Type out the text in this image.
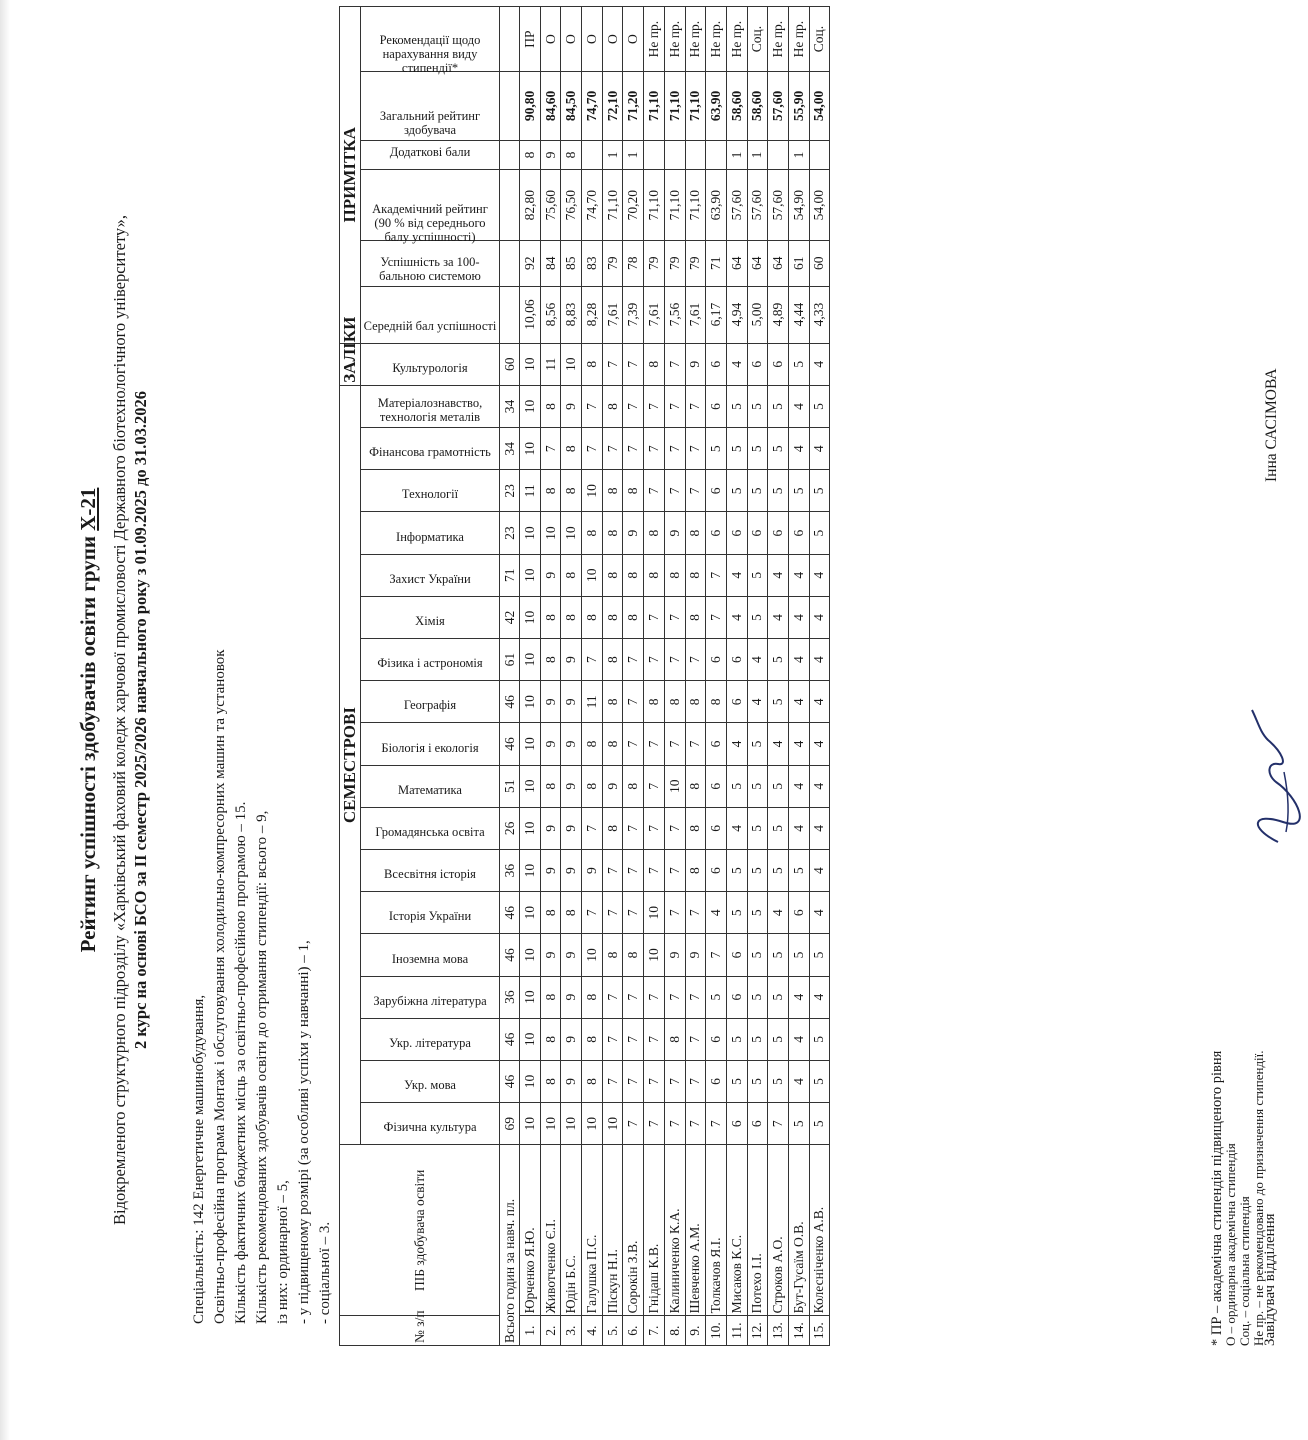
Рейтинг успішності здобувачів освіти групи Х-21 Відокремленого структурного підрозділу «Харківський фаховий коледж харчової промисловості Державного біотехнологічного університету», 2 курс на основі БСО за ІІ семестр 2025/2026 навчального року з 01.09.2025 до 31.03.2026
Спеціальність: 142 Енергетичне машинобудування, Освітньо-професійна програма Монтаж і обслуговування холодильно-компресорних машин та установок Кількість фактичних бюджетних місць за освітньо-професійною програмою – 15. Кількість рекомендованих здобувачів освіти до отримання стипендії: всього – 9, із них: ординарної – 5, - у підвищеному розмірі (за особливі успіхи у навчанні) – 1, - соціальної – 3.
№ з/п	ПІБ здобувача освіти	СЕМЕСТРОВІ																		ЗАЛІКИ	ПРИМІТКА					

		Фізична культура	Укр. мова	Укр. література	Зарубіжна література	Іноземна мова	Історія України	Всесвітня історія	Громадянська освіта	Математика	Біологія і екологія	Географія	Фізика і астрономія	Хімія	Захист України	Інформатика	Технології	Фінансова грамотність	Матеріалознавство, технологія металів	Культурологія	Середній бал успішності	Успішність за 100-бальною системою	Академічний рейтинг (90 % від середнього балу успішності)	Додаткові бали	Загальний рейтинг здобувача	Рекомендації щодо нарахування виду стипендії*

Всього годин за навч. пл.		69	46	46	36	46	46	36	26	51	46	46	61	42	71	23	23	34	34	60						
1.	Юрченко Я.Ю.	10	10	10	10	10	10	10	10	10	10	10	10	10	10	10	11	10	10	10	10,06	92	82,80	8	90,80	ПР
2.	Животченко Є.І.	10	8	8	8	9	8	9	9	8	9	9	8	8	9	10	8	7	8	11	8,56	84	75,60	9	84,60	О
3.	Юдін Б.С.	10	9	9	9	9	8	9	9	9	9	9	9	8	8	10	8	8	9	10	8,83	85	76,50	8	84,50	О
4.	Галушка П.С.	10	8	8	8	10	7	9	7	8	8	11	7	8	10	8	10	7	7	8	8,28	83	74,70		74,70	О
5.	Піскун Н.І.	10	7	7	7	8	7	7	8	9	8	8	8	8	8	8	8	7	8	7	7,61	79	71,10	1	72,10	О
6.	Сорокін З.В.	7	7	7	7	8	7	7	7	8	7	7	7	8	8	9	8	7	7	7	7,39	78	70,20	1	71,20	О
7.	Гнідаш К.В.	7	7	7	7	10	10	7	7	7	7	8	7	7	8	8	7	7	7	8	7,61	79	71,10		71,10	Не пр.
8.	Калиниченко К.А.	7	7	8	7	9	7	7	7	10	7	8	7	7	8	9	7	7	7	7	7,56	79	71,10		71,10	Не пр.
9.	Шевченко А.М.	7	7	7	7	9	7	8	8	8	7	8	7	8	8	8	7	7	7	9	7,61	79	71,10		71,10	Не пр.
10.	Толкачов Я.І.	7	6	6	5	7	4	6	6	6	6	8	6	7	7	6	6	5	6	6	6,17	71	63,90		63,90	Не пр.
11.	Мисаков К.С.	6	5	5	6	6	5	5	4	5	4	6	6	4	4	6	5	5	5	4	4,94	64	57,60	1	58,60	Не пр.
12.	Потехо І.І.	6	5	5	5	5	5	5	5	5	5	4	4	5	5	6	5	5	5	6	5,00	64	57,60	1	58,60	Соц.
13.	Строков А.О.	7	5	5	5	5	4	5	5	5	4	5	5	4	4	6	5	5	5	6	4,89	64	57,60		57,60	Не пр.
14.	Бут-Гусаїм О.В.	5	4	4	4	5	6	5	4	4	4	4	4	4	4	6	5	4	4	5	4,44	61	54,90	1	55,90	Не пр.
15.	Колесніченко А.В.	5	5	5	4	5	4	4	4	4	4	4	4	4	4	5	5	4	5	4	4,33	60	54,00		54,00	Соц.
* ПР – академічна стипендія підвищеного рівня
О – ординарна академічна стипендія Соц. – соціальна стипендія Не пр. – не рекомендовано до призначення стипендії.
Завідувач відділення
Інна САСІМОВА
